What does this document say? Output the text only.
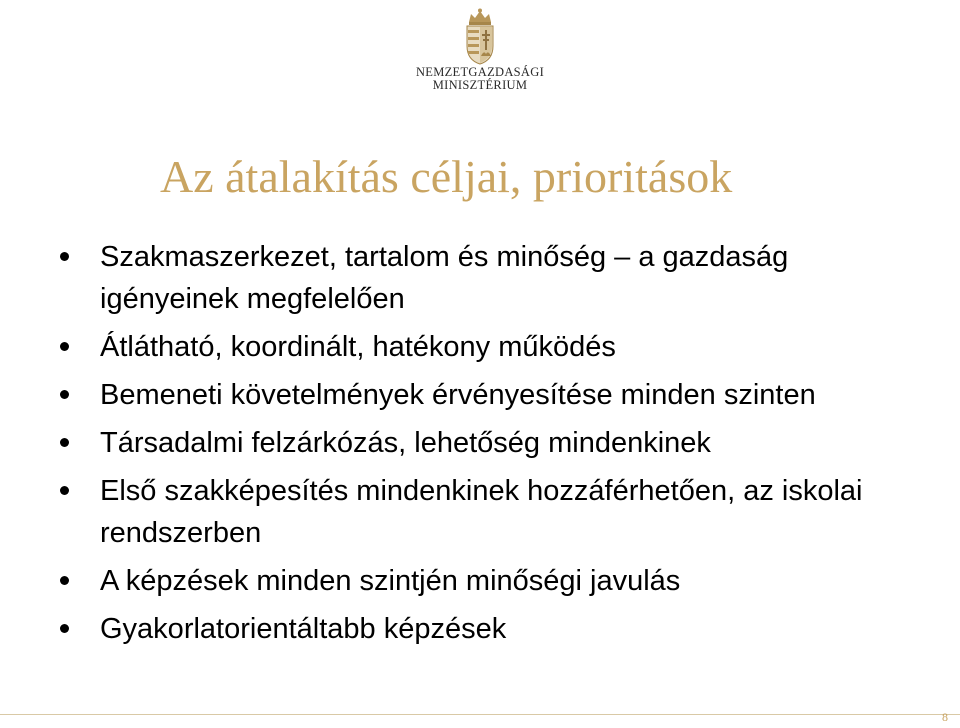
NEMZETGAZDASÁGI
MINISZTÉRIUM
Az átalakítás céljai, prioritások
Szakmaszerkezet, tartalom és minőség – a gazdaság igényeinek megfelelően
Átlátható, koordinált, hatékony működés
Bemeneti követelmények érvényesítése minden szinten
Társadalmi felzárkózás, lehetőség mindenkinek
Első szakképesítés mindenkinek hozzáférhetően, az iskolai rendszerben
A képzések minden szintjén minőségi javulás
Gyakorlatorientáltabb képzések
8
